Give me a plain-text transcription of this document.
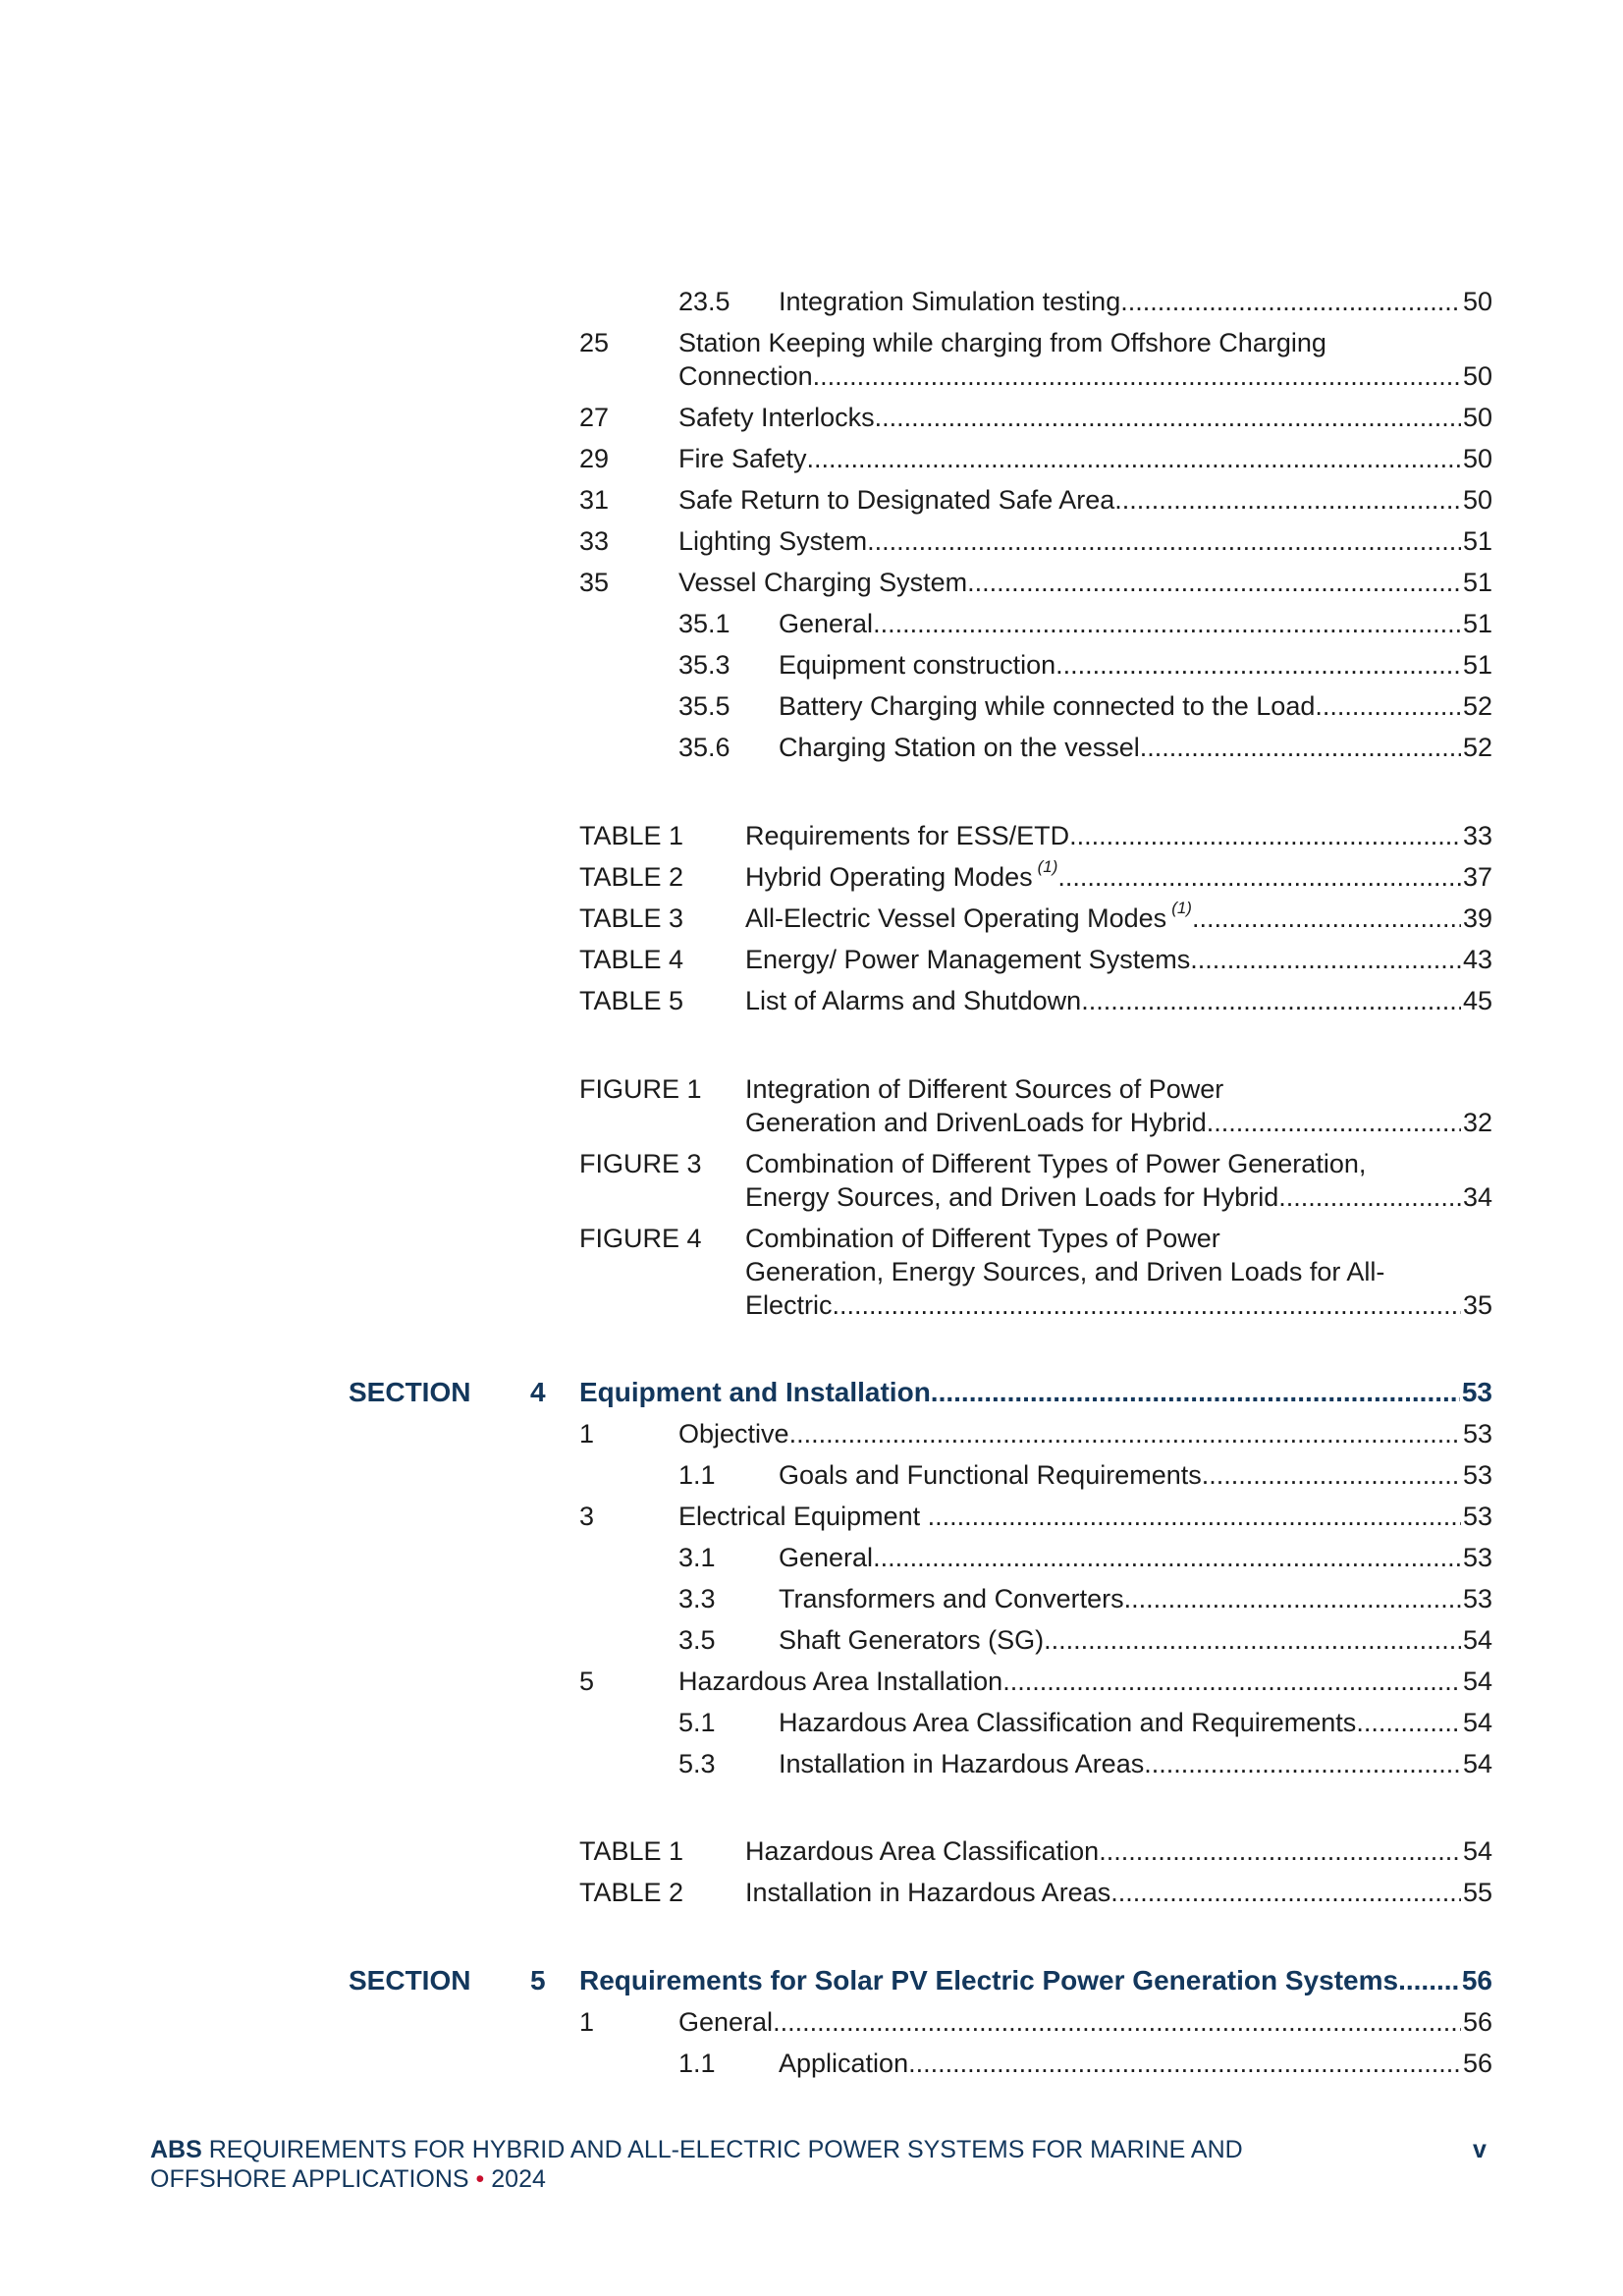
23.5 Integration Simulation testing .....	50
25	Station Keeping while charging from Offshore Charging
Connection .....	50
27	Safety Interlocks .....	50
29	Fire Safety .....	50
31	Safe Return to Designated Safe Area .....	50
33	Lighting System .....	51
35	Vessel Charging System .....	51
35.1 General .....	51
35.3 Equipment construction .....	51
35.5 Battery Charging while connected to the Load .....	52
35.6 Charging Station on the vessel .....	52
TABLE 1 Requirements for ESS/ETD .....	33
TABLE 2 Hybrid Operating Modes (1) .....	37
TABLE 3 All-Electric Vessel Operating Modes (1) .....	39
TABLE 4 Energy/ Power Management Systems .....	43
TABLE 5 List of Alarms and Shutdown .....	45
FIGURE 1 Integration of Different Sources of Power
Generation and DrivenLoads for Hybrid .....	32
FIGURE 3 Combination of Different Types of Power Generation,
Energy Sources, and Driven Loads for Hybrid .....	34
FIGURE 4 Combination of Different Types of Power
Generation, Energy Sources, and Driven Loads for All-
Electric .....	35
SECTION 4 Equipment and Installation .....	53
1	Objective .....	53
1.1 Goals and Functional Requirements .....	53
3	Electrical Equipment .....	53
3.1 General .....	53
3.3 Transformers and Converters .....	53
3.5 Shaft Generators (SG) .....	54
5	Hazardous Area Installation .....	54
5.1 Hazardous Area Classification and Requirements .....	54
5.3 Installation in Hazardous Areas .....	54
TABLE 1 Hazardous Area Classification .....	54
TABLE 2 Installation in Hazardous Areas .....	55
SECTION 5 Requirements for Solar PV Electric Power Generation Systems ..... 56
1	General .....	56
1.1 Application .....	56
ABS REQUIREMENTS FOR HYBRID AND ALL-ELECTRIC POWER SYSTEMS FOR MARINE AND
OFFSHORE APPLICATIONS • 2024
v
